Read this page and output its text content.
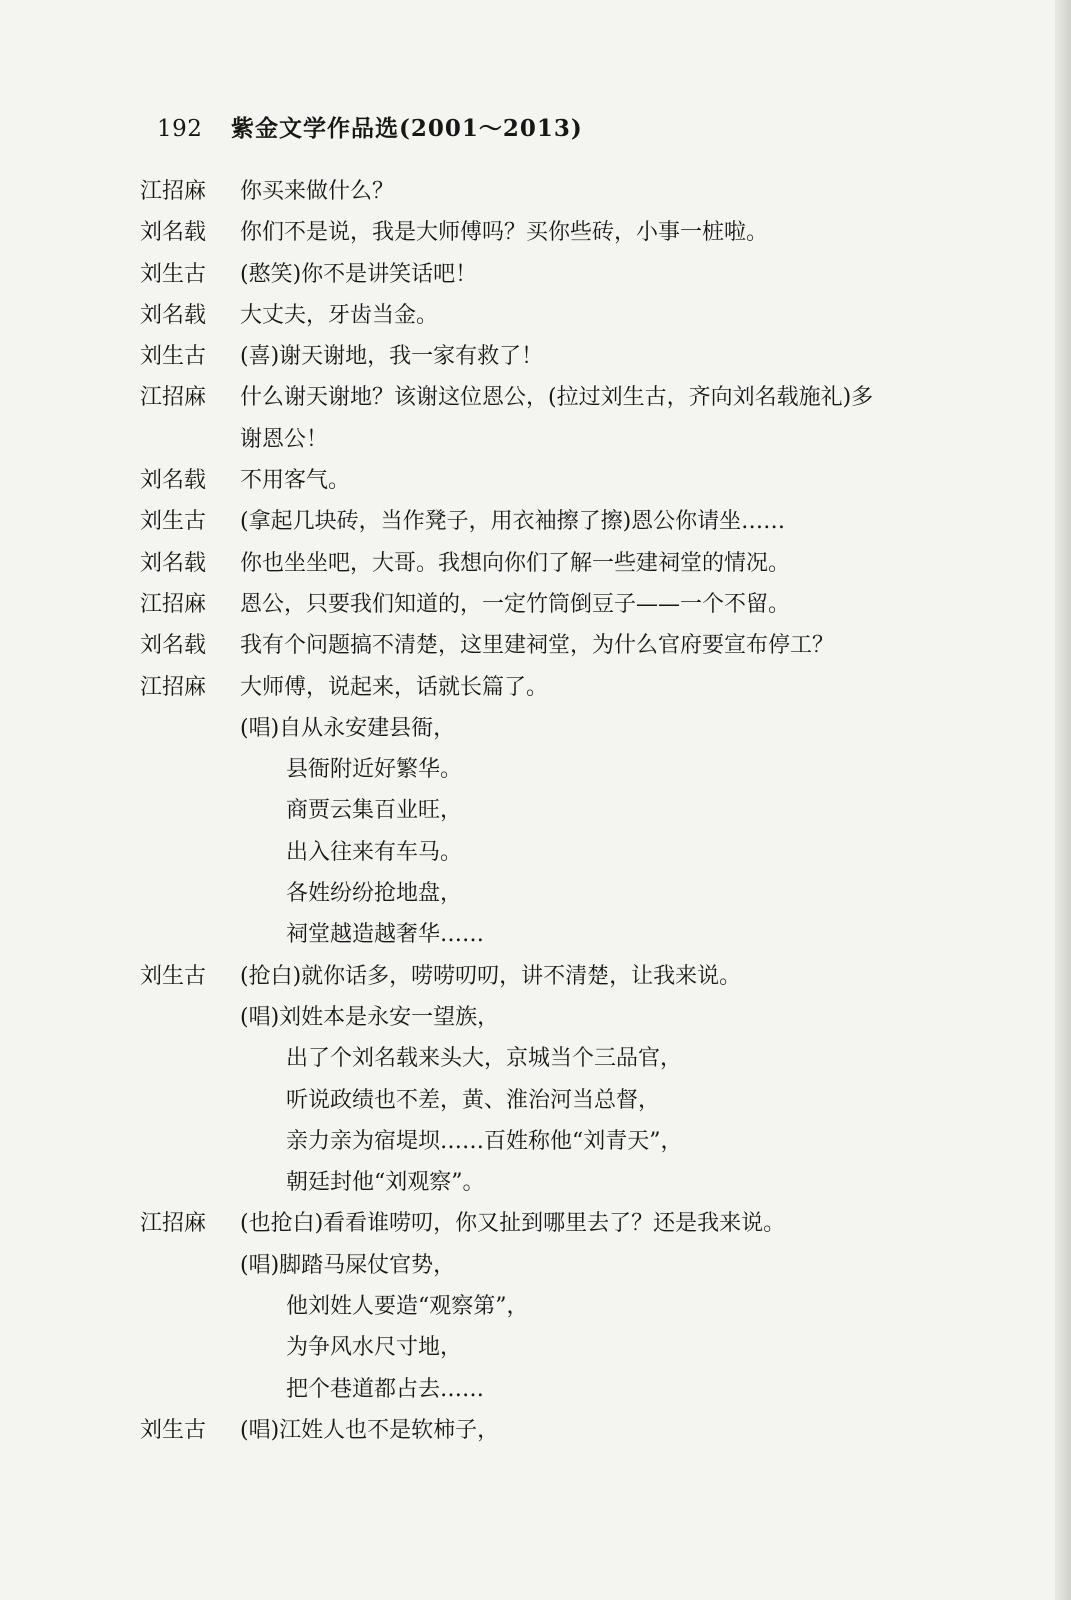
192 紫金文学作品选(2001～2013)
江招麻	你买来做什么？
刘名载	你们不是说，我是大师傅吗？买你些砖，小事一桩啦。
刘生古	(憨笑)你不是讲笑话吧！
刘名载	大丈夫，牙齿当金。
刘生古	(喜)谢天谢地，我一家有救了！
江招麻	什么谢天谢地？该谢这位恩公，(拉过刘生古，齐向刘名载施礼)多
谢恩公！
刘名载	不用客气。
刘生古	(拿起几块砖，当作凳子，用衣袖擦了擦)恩公你请坐……
刘名载	你也坐坐吧，大哥。我想向你们了解一些建祠堂的情况。
江招麻	恩公，只要我们知道的，一定竹筒倒豆子——一个不留。
刘名载	我有个问题搞不清楚，这里建祠堂，为什么官府要宣布停工？
江招麻	大师傅，说起来，话就长篇了。
(唱)自从永安建县衙，
县衙附近好繁华。
商贾云集百业旺，
出入往来有车马。
各姓纷纷抢地盘，
祠堂越造越奢华……
刘生古	(抢白)就你话多，唠唠叨叨，讲不清楚，让我来说。
(唱)刘姓本是永安一望族，
出了个刘名载来头大，京城当个三品官，
听说政绩也不差，黄、淮治河当总督，
亲力亲为宿堤坝……百姓称他“刘青天”，
朝廷封他“刘观察”。
江招麻	(也抢白)看看谁唠叨，你又扯到哪里去了？还是我来说。
(唱)脚踏马屎仗官势，
他刘姓人要造“观察第”，
为争风水尺寸地，
把个巷道都占去……
刘生古	(唱)江姓人也不是软柿子，
